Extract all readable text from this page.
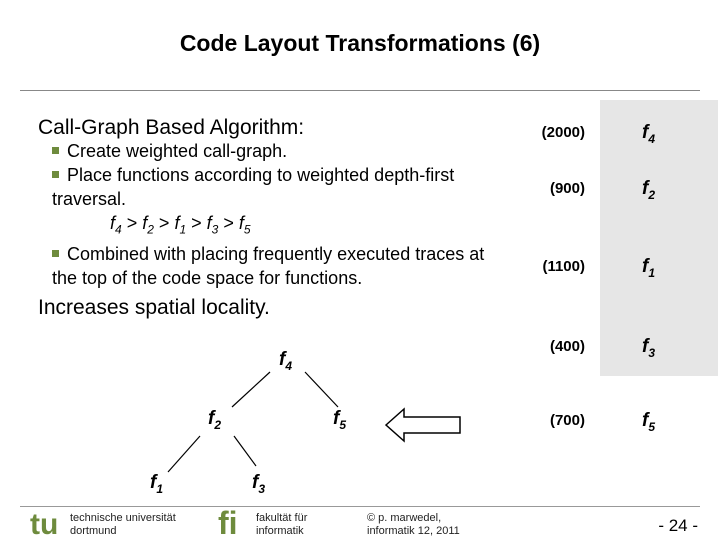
Code Layout Transformations (6)
Call-Graph Based Algorithm:
Create weighted call-graph.
Place functions according to weighted depth-first traversal.
$f_4 > f_2 > f_1 > f_3 > f_5$
Combined with placing frequently executed traces at the top of the code space for functions.
Increases spatial locality.
(2000)	$f_4$
(900)	$f_2$
(1100)	$f_1$
(400)	$f_3$
(700)	$f_5$
$f_4$
$f_2$	$f_5$
$f_1$	$f_3$
tu technische universität
dortmund	fi fakultät für
informatik
© p. marwedel,
informatik 12, 2011	- 24 -
